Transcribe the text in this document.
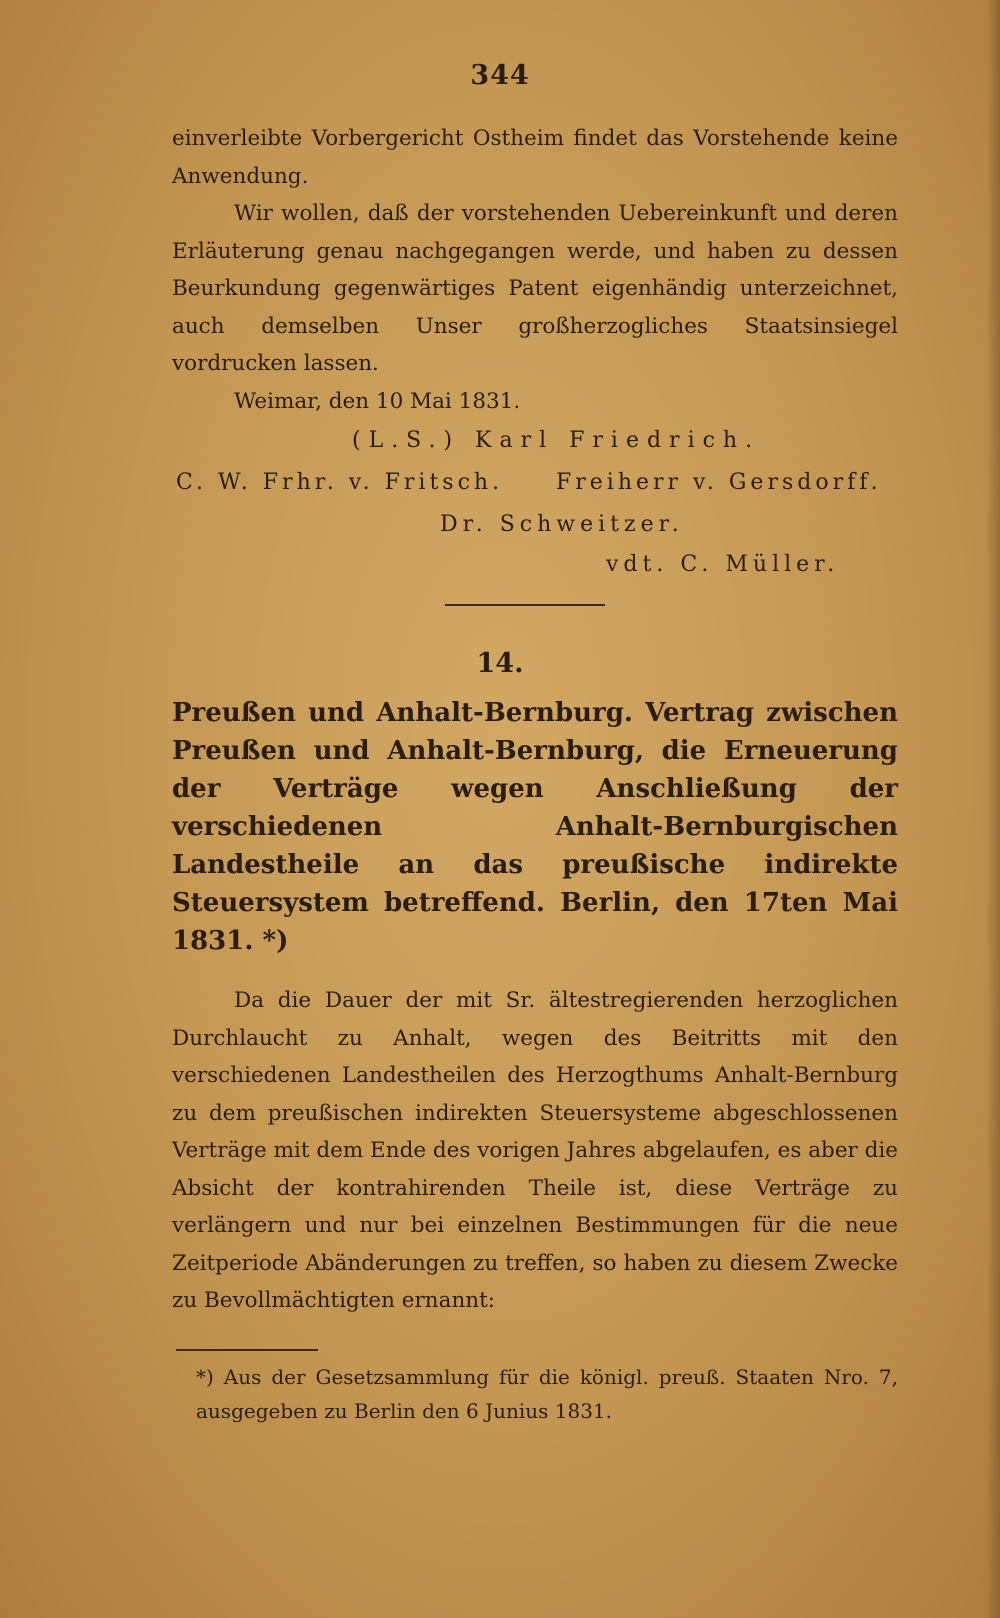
344

einverleibte Vorbergericht Ostheim findet das Vorstehende keine Anwendung.

Wir wollen, daß der vorstehenden Uebereinkunft und deren Erläuterung genau nachgegangen werde, und haben zu dessen Beurkundung gegenwärtiges Patent eigenhändig unterzeichnet, auch demselben Unser großherzogliches Staatsinsiegel vordrucken lassen.

Weimar, den 10 Mai 1831.

(L.S.) Karl Friedrich.
C. W. Frhr. v. Fritsch. Freiherr v. Gersdorff.
Dr. Schweitzer.
vdt. C. Müller.
14.
Preußen und Anhalt-Bernburg. Vertrag zwischen Preußen und Anhalt-Bernburg, die Erneuerung der Verträge wegen Anschließung der verschiedenen Anhalt-Bernburgischen Landestheile an das preußische indirekte Steuersystem betreffend. Berlin, den 17ten Mai 1831. *)

Da die Dauer der mit Sr. ältestregierenden herzoglichen Durchlaucht zu Anhalt, wegen des Beitritts mit den verschiedenen Landestheilen des Herzogthums Anhalt-Bernburg zu dem preußischen indirekten Steuersysteme abgeschlossenen Verträge mit dem Ende des vorigen Jahres abgelaufen, es aber die Absicht der kontrahirenden Theile ist, diese Verträge zu verlängern und nur bei einzelnen Bestimmungen für die neue Zeitperiode Abänderungen zu treffen, so haben zu diesem Zwecke zu Bevollmächtigten ernannt:

*) Aus der Gesetzsammlung für die königl. preuß. Staaten Nro. 7, ausgegeben zu Berlin den 6 Junius 1831.
